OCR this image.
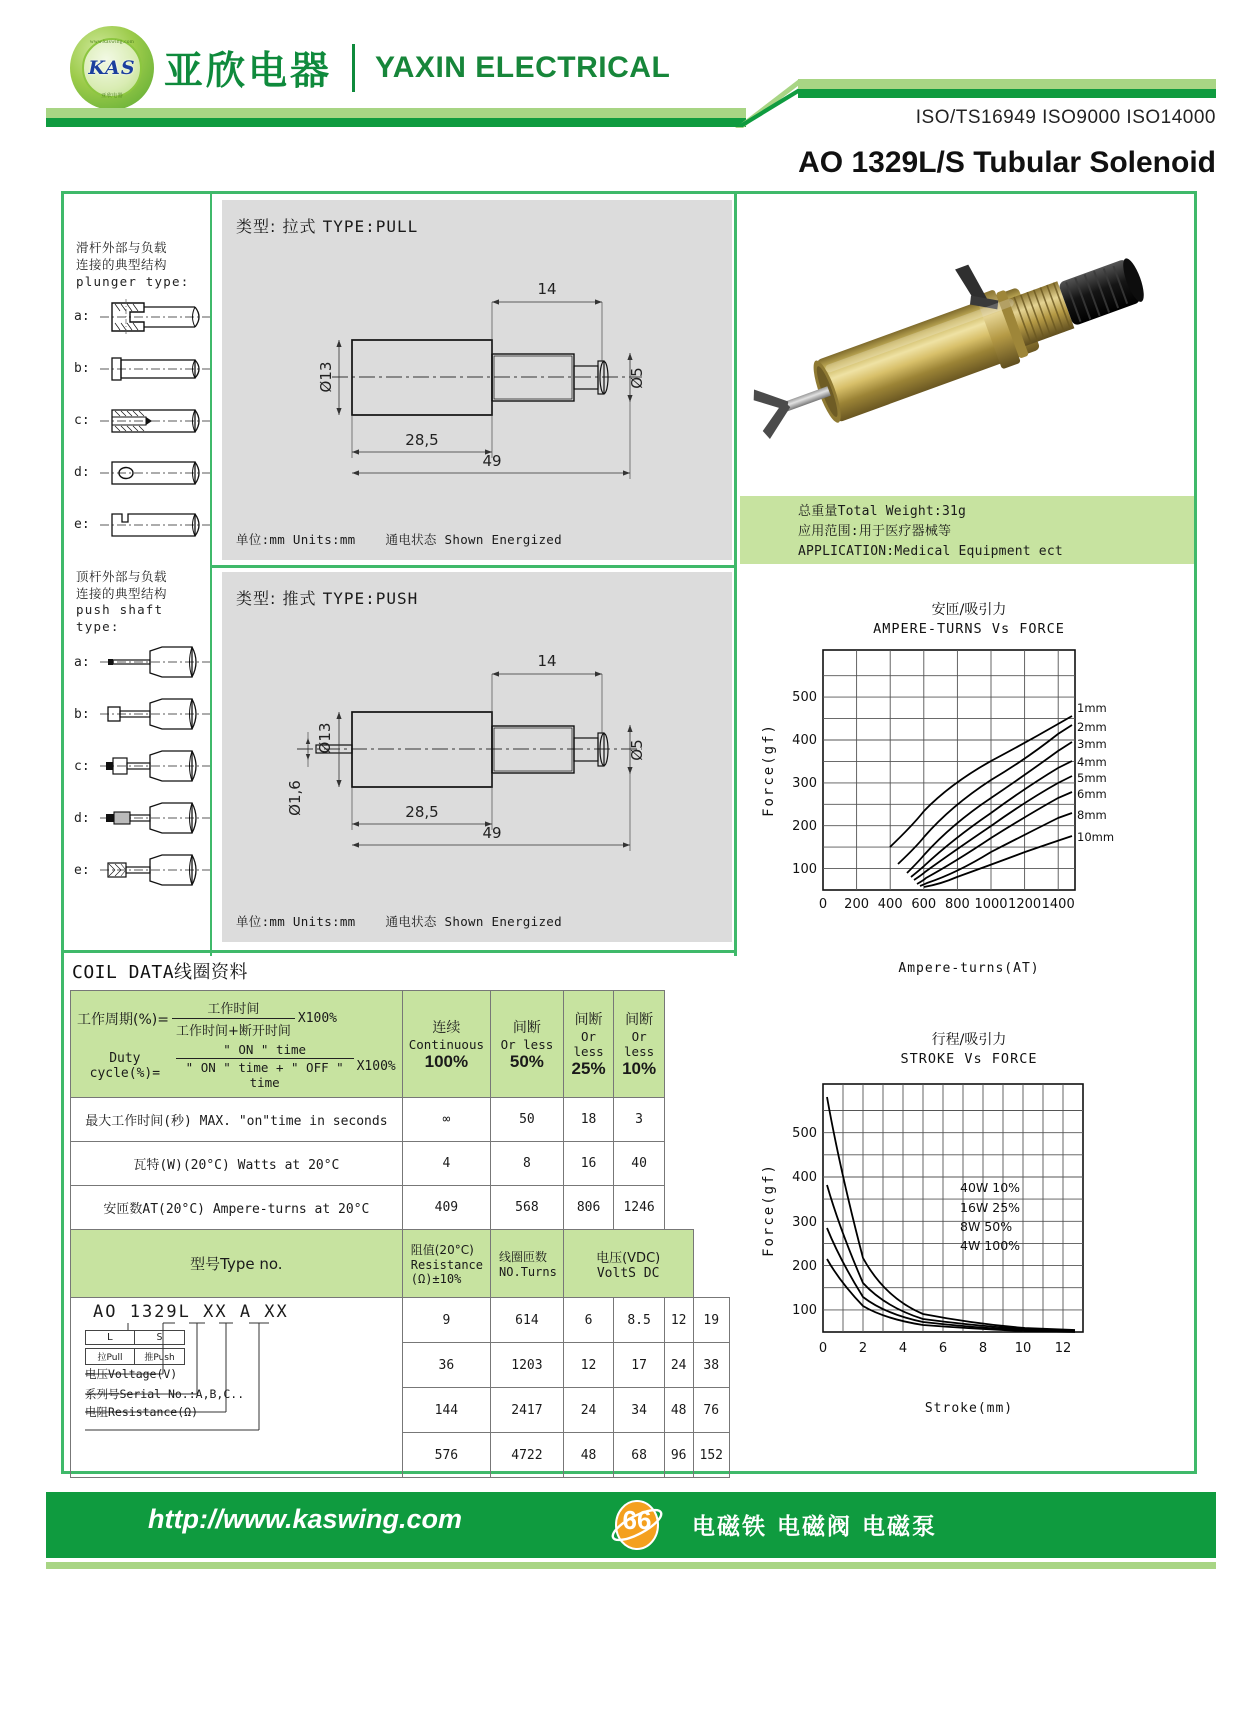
www.kaswing.com
KAS
亚欣电器
亚欣电器 YAXIN ELECTRICAL
ISO/TS16949 ISO9000 ISO14000
AO 1329L/S Tubular Solenoid
滑杆外部与负载
连接的典型结构
plunger type:
a:
b:
c:
d:
e:
顶杆外部与负载
连接的典型结构
push shaft type:
a:
b:
c:
d:
e:
类型: 拉式 TYPE:PULL
Ø13	Ø5
14
28,5
49
单位:mm Units:mm 通电状态 Shown Energized
类型: 推式 TYPE:PUSH
Ø13
Ø1,6
Ø5
14
28,5
49
单位:mm Units:mm 通电状态 Shown Energized
总重量Total Weight:31g
应用范围:用于医疗器械等
APPLICATION:Medical Equipment ect
安匝/吸引力
AMPERE-TURNS Vs FORCE
100
200
300
400
500
0 200 400 600 800 1000 1200 1400
Force(gf)
1mm
2mm
3mm
4mm
5mm
6mm
8mm
10mm
Ampere-turns(AT)
行程/吸引力
STROKE Vs FORCE
100
200
300
400
500
0 2 4 6 8 10 12
Force(gf)	40W 10%
16W 25%
8W 50%
4W 100%
Stroke(mm)
COIL DATA线圈资料
工作周期(%)= $\frac{\text{工作时间}}{\text{工作时间+断开时间}} X100\%$
Duty cycle(%)=	$\frac{\text{" ON " time}}{\text{" ON " time + " OFF " time}} X100\%$

连续
Continuous
100%	
间断
Or less
50%	
间断
Or less
25%	
间断
Or less
10%
最大工作时间(秒) MAX. "on"time in seconds	∞	50	18	3		
瓦特(W)(20°C) Watts at 20°C	4	8	16	40		
安匝数AT(20°C) Ampere-turns at 20°C	409	568	806	1246		
型号Type no.	阻值(20°C)
Resistance
(Ω)±10%	线圈匝数
NO.Turns	电压(VDC)
VoltS DC			

AO 1329L XX A XX
L	S
拉Pull	推Push
电压Voltage(V)
系列号Serial No.:A,B,C..
电阻Resistance(Ω)
	9	614	6	8.5	12	19
	36	1203	12	17	24	38
	144	2417	24	34	48	76
	576	4722	48	68	96	152
http://www.kaswing.com	66	电磁铁 电磁阀 电磁泵
